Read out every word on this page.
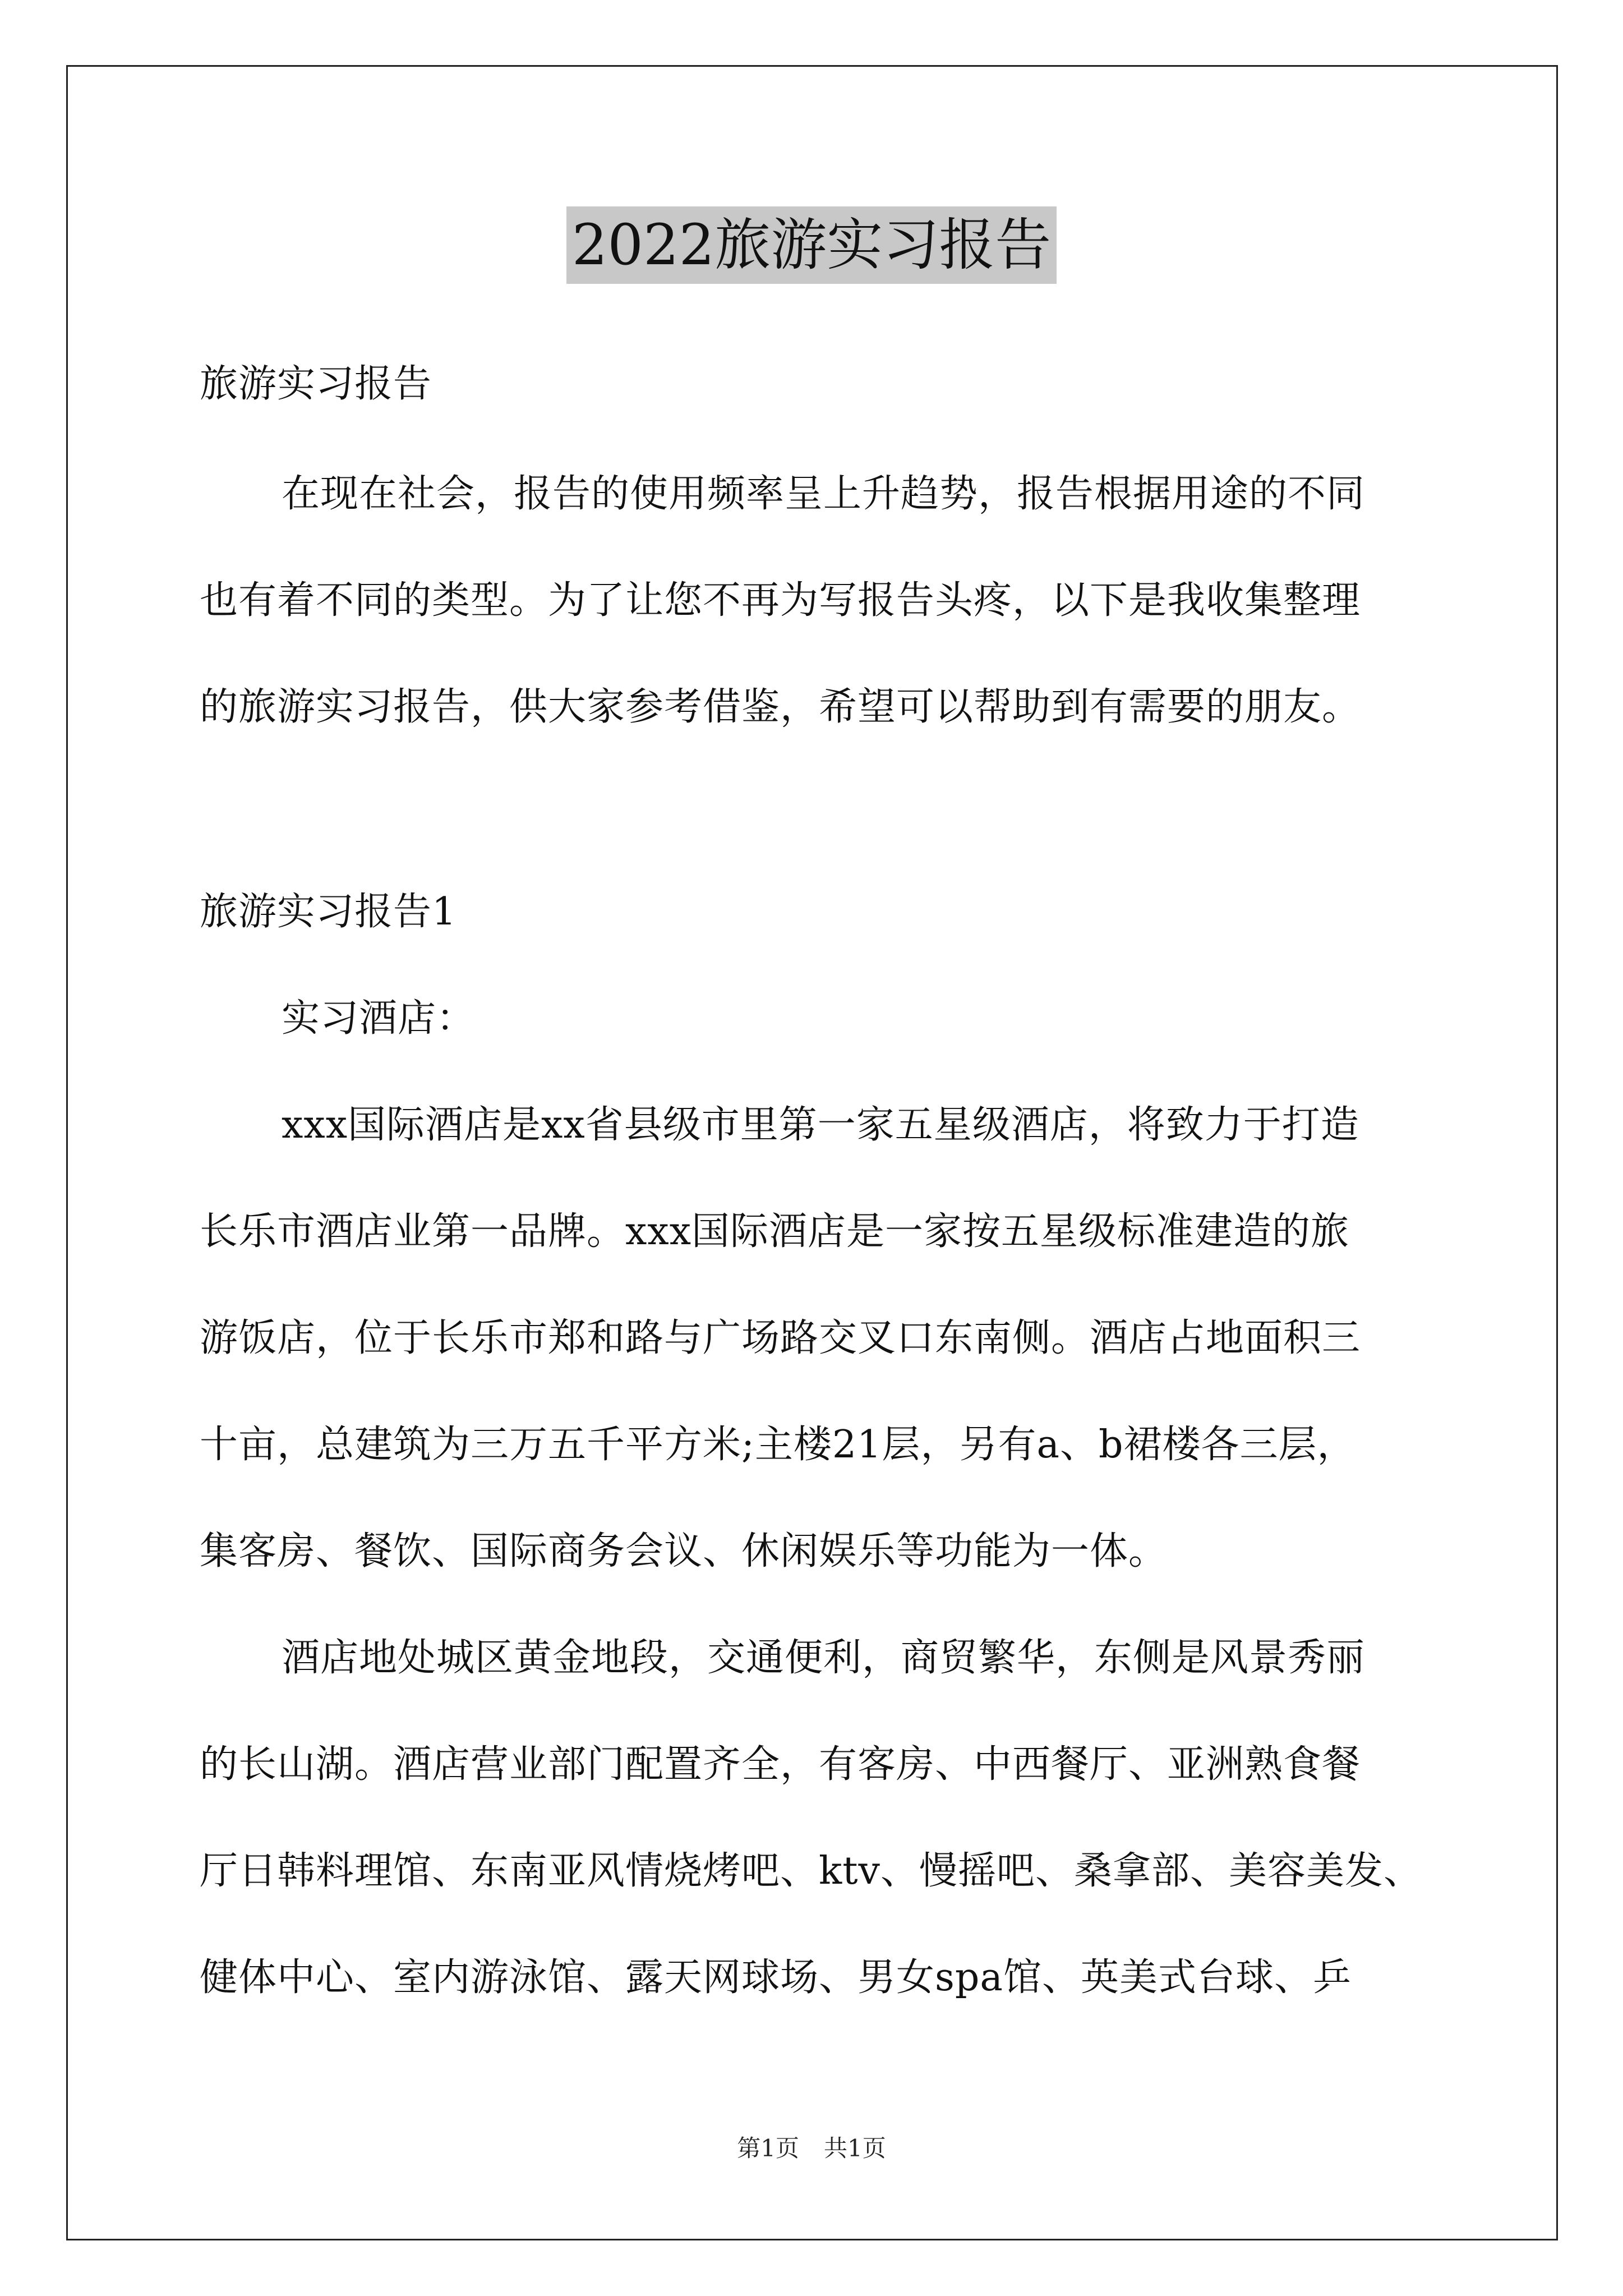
2022旅游实习报告
旅游实习报告
在现在社会，报告的使用频率呈上升趋势，报告根据用途的不同
也有着不同的类型。为了让您不再为写报告头疼，以下是我收集整理
的旅游实习报告，供大家参考借鉴，希望可以帮助到有需要的朋友。
旅游实习报告1
实习酒店：
xxx国际酒店是xx省县级市里第一家五星级酒店，将致力于打造
长乐市酒店业第一品牌。xxx国际酒店是一家按五星级标准建造的旅
游饭店，位于长乐市郑和路与广场路交叉口东南侧。酒店占地面积三
十亩，总建筑为三万五千平方米;主楼21层，另有a、b裙楼各三层，
集客房、餐饮、国际商务会议、休闲娱乐等功能为一体。
酒店地处城区黄金地段，交通便利，商贸繁华，东侧是风景秀丽
的长山湖。酒店营业部门配置齐全，有客房、中西餐厅、亚洲熟食餐
厅日韩料理馆、东南亚风情烧烤吧、ktv、慢摇吧、桑拿部、美容美发、
健体中心、室内游泳馆、露天网球场、男女spa馆、英美式台球、乒
第1页 共1页
